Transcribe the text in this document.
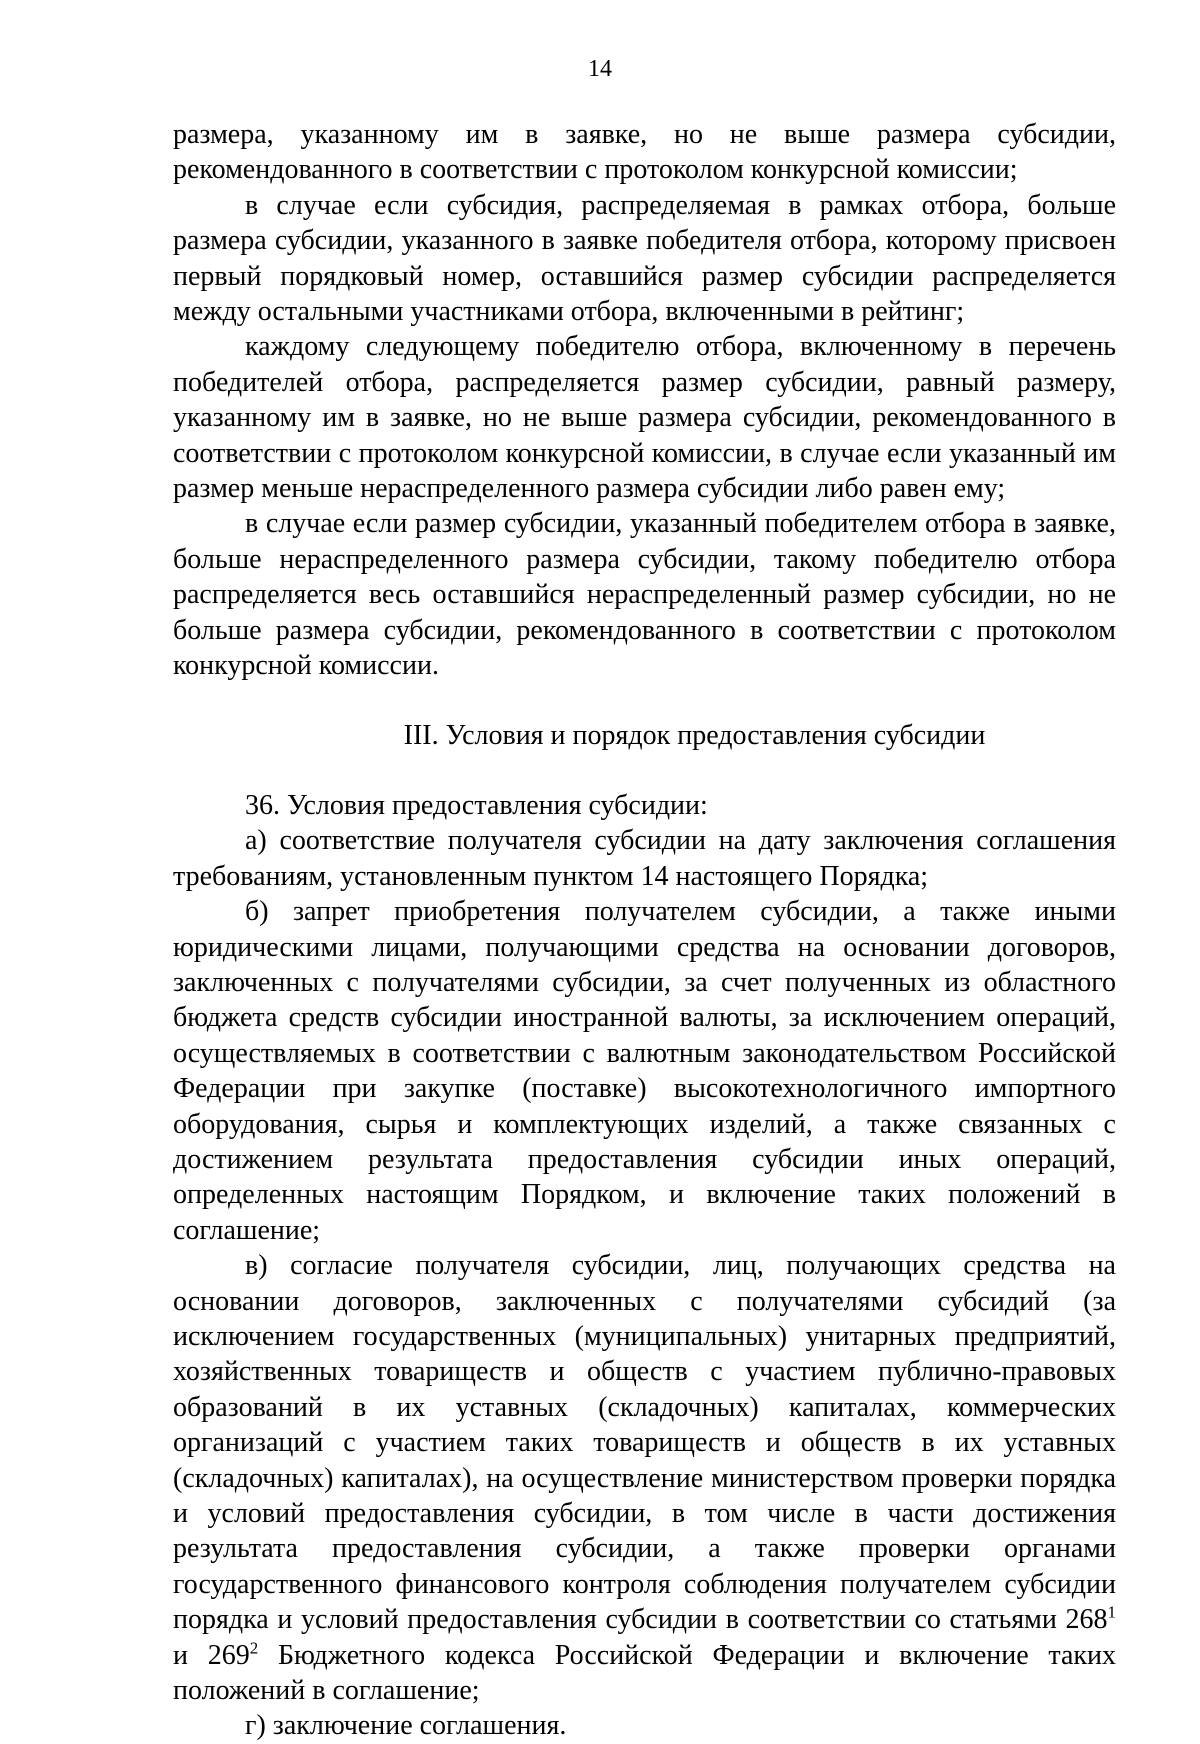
14

размера, указанному им в заявке, но не выше размера субсидии, рекомендованного в соответствии с протоколом конкурсной комиссии;

в случае если субсидия, распределяемая в рамках отбора, больше размера субсидии, указанного в заявке победителя отбора, которому присвоен первый порядковый номер, оставшийся размер субсидии распределяется между остальными участниками отбора, включенными в рейтинг;

каждому следующему победителю отбора, включенному в перечень победителей отбора, распределяется размер субсидии, равный размеру, указанному им в заявке, но не выше размера субсидии, рекомендованного в соответствии с протоколом конкурсной комиссии, в случае если указанный им размер меньше нераспределенного размера субсидии либо равен ему;

в случае если размер субсидии, указанный победителем отбора в заявке, больше нераспределенного размера субсидии, такому победителю отбора распределяется весь оставшийся нераспределенный размер субсидии, но не больше размера субсидии, рекомендованного в соответствии с протоколом конкурсной комиссии.

III. Условия и порядок предоставления субсидии

36. Условия предоставления субсидии:

а) соответствие получателя субсидии на дату заключения соглашения требованиям, установленным пунктом 14 настоящего Порядка;

б) запрет приобретения получателем субсидии, а также иными юридическими лицами, получающими средства на основании договоров, заключенных с получателями субсидии, за счет полученных из областного бюджета средств субсидии иностранной валюты, за исключением операций, осуществляемых в соответствии с валютным законодательством Российской Федерации при закупке (поставке) высокотехнологичного импортного оборудования, сырья и комплектующих изделий, а также связанных с достижением результата предоставления субсидии иных операций, определенных настоящим Порядком, и включение таких положений в соглашение;

в) согласие получателя субсидии, лиц, получающих средства на основании договоров, заключенных с получателями субсидий (за исключением государственных (муниципальных) унитарных предприятий, хозяйственных товариществ и обществ с участием публично-правовых образований в их уставных (складочных) капиталах, коммерческих организаций с участием таких товариществ и обществ в их уставных (складочных) капиталах), на осуществление министерством проверки порядка и условий предоставления субсидии, в том числе в части достижения результата предоставления субсидии, а также проверки органами государственного финансового контроля соблюдения получателем субсидии порядка и условий предоставления субсидии в соответствии со статьями $268^1$ и $269^2$ Бюджетного кодекса Российской Федерации и включение таких положений в соглашение;

г) заключение соглашения.
